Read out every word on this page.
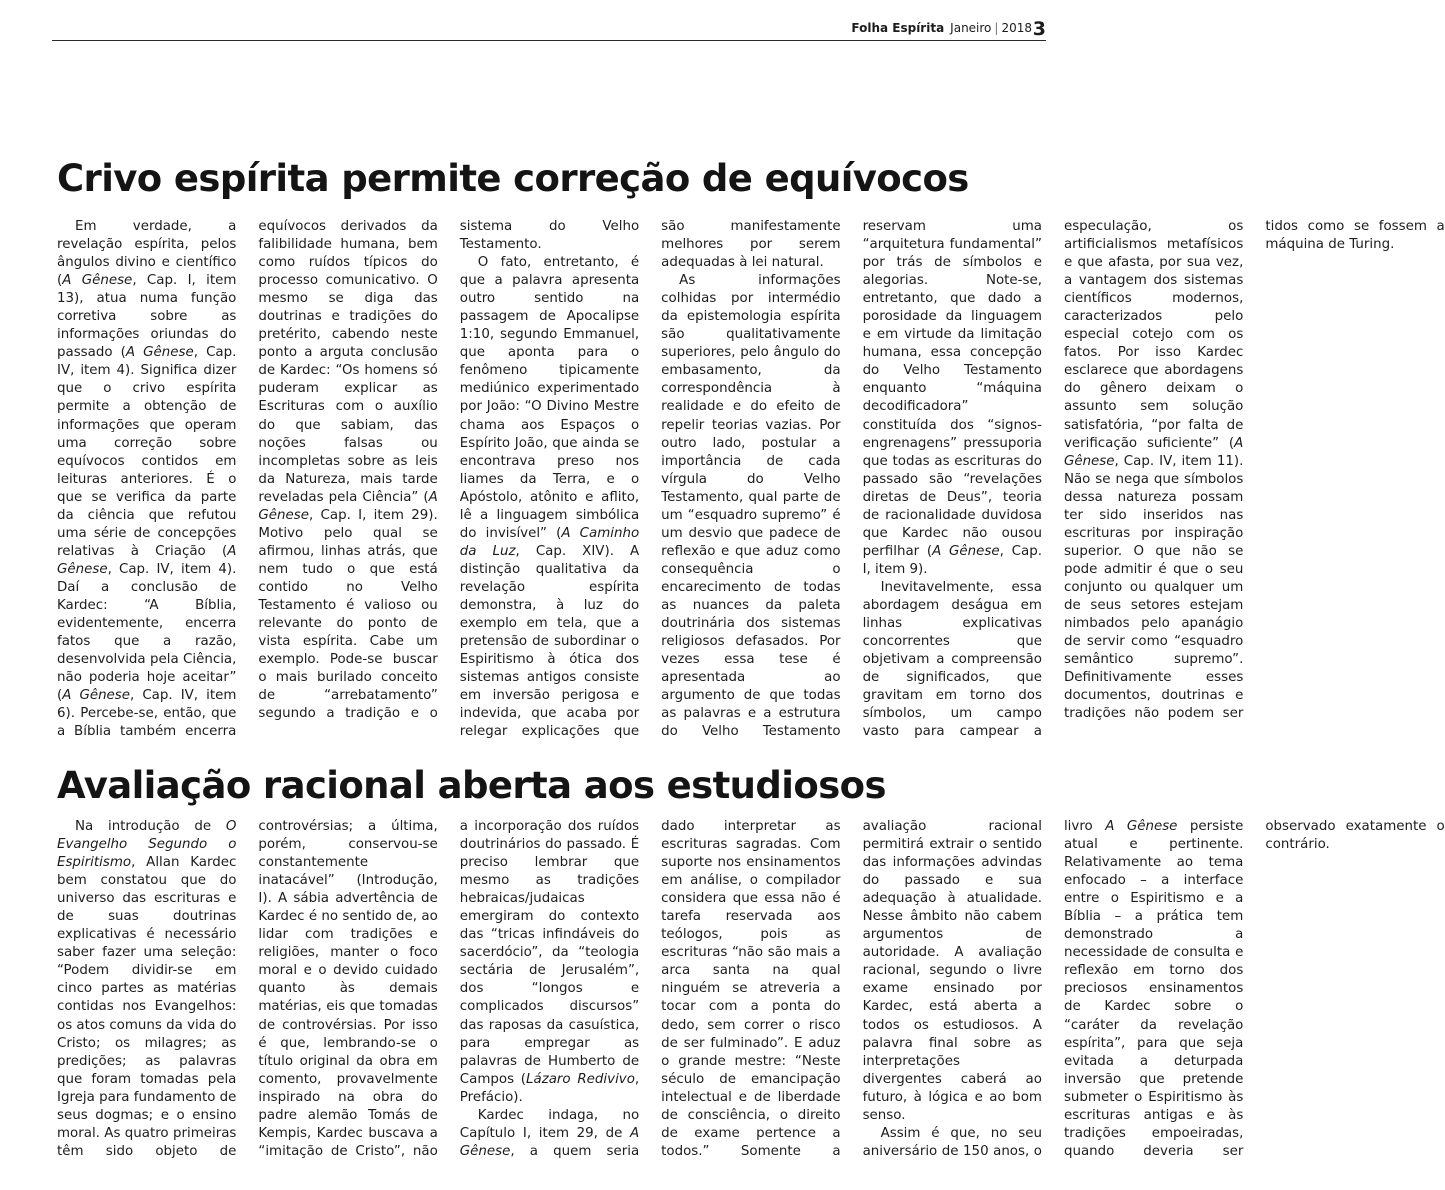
Folha Espírita Janeiro | 2018 3
Crivo espírita permite correção de equívocos

Em verdade, a revelação espírita, pelos ângulos divino e científico (A Gênese, Cap. I, item 13), atua numa função corretiva sobre as informações oriundas do passado (A Gênese, Cap. IV, item 4). Significa dizer que o crivo espírita permite a obtenção de informações que operam uma correção sobre equívocos contidos em leituras anteriores. É o que se verifica da parte da ciência que refutou uma série de concepções relativas à Criação (A Gênese, Cap. IV, item 4). Daí a conclusão de Kardec: “A Bíblia, evidentemente, encerra fatos que a razão, desenvolvida pela Ciência, não poderia hoje aceitar” (A Gênese, Cap. IV, item 6). Percebe-se, então, que a Bíblia também encerra equívocos derivados da falibilidade humana, bem como ruídos típicos do processo comunicativo. O mesmo se diga das doutrinas e tradições do pretérito, cabendo neste ponto a arguta conclusão de Kardec: “Os homens só puderam explicar as Escrituras com o auxílio do que sabiam, das noções falsas ou incompletas sobre as leis da Natureza, mais tarde reveladas pela Ciência” (A Gênese, Cap. I, item 29). Motivo pelo qual se afirmou, linhas atrás, que nem tudo o que está contido no Velho Testamento é valioso ou relevante do ponto de vista espírita. Cabe um exemplo. Pode-se buscar o mais burilado conceito de “arrebatamento” segundo a tradição e o sistema do Velho Testamento.

O fato, entretanto, é que a palavra apresenta outro sentido na passagem de Apocalipse 1:10, segundo Emmanuel, que aponta para o fenômeno tipicamente mediúnico experimentado por João: “O Divino Mestre chama aos Espaços o Espírito João, que ainda se encontrava preso nos liames da Terra, e o Apóstolo, atônito e aflito, lê a linguagem simbólica do invisível” (A Caminho da Luz, Cap. XIV). A distinção qualitativa da revelação espírita demonstra, à luz do exemplo em tela, que a pretensão de subordinar o Espiritismo à ótica dos sistemas antigos consiste em inversão perigosa e indevida, que acaba por relegar explicações que são manifestamente melhores por serem adequadas à lei natural.

As informações colhidas por intermédio da epistemologia espírita são qualitativamente superiores, pelo ângulo do embasamento, da correspondência à realidade e do efeito de repelir teorias vazias. Por outro lado, postular a importância de cada vírgula do Velho Testamento, qual parte de um “esquadro supremo” é um desvio que padece de reflexão e que aduz como consequência o encarecimento de todas as nuances da paleta doutrinária dos sistemas religiosos defasados. Por vezes essa tese é apresentada ao argumento de que todas as palavras e a estrutura do Velho Testamento reservam uma “arquitetura fundamental” por trás de símbolos e alegorias. Note-se, entretanto, que dado a porosidade da linguagem e em virtude da limitação humana, essa concepção do Velho Testamento enquanto “máquina decodificadora” constituída dos “signos-engrenagens” pressuporia que todas as escrituras do passado são “revelações diretas de Deus”, teoria de racionalidade duvidosa que Kardec não ousou perfilhar (A Gênese, Cap. I, item 9).

Inevitavelmente, essa abordagem deságua em linhas explicativas concorrentes que objetivam a compreensão de significados, que gravitam em torno dos símbolos, um campo vasto para campear a especulação, os artificialismos metafísicos e que afasta, por sua vez, a vantagem dos sistemas científicos modernos, caracterizados pelo especial cotejo com os fatos. Por isso Kardec esclarece que abordagens do gênero deixam o assunto sem solução satisfatória, “por falta de verificação suficiente” (A Gênese, Cap. IV, item 11). Não se nega que símbolos dessa natureza possam ter sido inseridos nas escrituras por inspiração superior. O que não se pode admitir é que o seu conjunto ou qualquer um de seus setores estejam nimbados pelo apanágio de servir como “esquadro semântico supremo”. Definitivamente esses documentos, doutrinas e tradições não podem ser tidos como se fossem a máquina de Turing.

Avaliação racional aberta aos estudiosos

Na introdução de O Evangelho Segundo o Espiritismo, Allan Kardec bem constatou que do universo das escrituras e de suas doutrinas explicativas é necessário saber fazer uma seleção: “Podem dividir-se em cinco partes as matérias contidas nos Evangelhos: os atos comuns da vida do Cristo; os milagres; as predições; as palavras que foram tomadas pela Igreja para fundamento de seus dogmas; e o ensino moral. As quatro primeiras têm sido objeto de controvérsias; a última, porém, conservou-se constantemente inatacável” (Introdução, I). A sábia advertência de Kardec é no sentido de, ao lidar com tradições e religiões, manter o foco moral e o devido cuidado quanto às demais matérias, eis que tomadas de controvérsias. Por isso é que, lembrando-se o título original da obra em comento, provavelmente inspirado na obra do padre alemão Tomás de Kempis, Kardec buscava a “imitação de Cristo”, não a incorporação dos ruídos doutrinários do passado. É preciso lembrar que mesmo as tradições hebraicas/judaicas emergiram do contexto das “tricas infindáveis do sacerdócio”, da “teologia sectária de Jerusalém”, dos “longos e complicados discursos” das raposas da casuística, para empregar as palavras de Humberto de Campos (Lázaro Redivivo, Prefácio).

Kardec indaga, no Capítulo I, item 29, de A Gênese, a quem seria dado interpretar as escrituras sagradas. Com suporte nos ensinamentos em análise, o compilador considera que essa não é tarefa reservada aos teólogos, pois as escrituras “não são mais a arca santa na qual ninguém se atreveria a tocar com a ponta do dedo, sem correr o risco de ser fulminado”. E aduz o grande mestre: “Neste século de emancipação intelectual e de liberdade de consciência, o direito de exame pertence a todos.” Somente a avaliação racional permitirá extrair o sentido das informações advindas do passado e sua adequação à atualidade. Nesse âmbito não cabem argumentos de autoridade. A avaliação racional, segundo o livre exame ensinado por Kardec, está aberta a todos os estudiosos. A palavra final sobre as interpretações divergentes caberá ao futuro, à lógica e ao bom senso.

Assim é que, no seu aniversário de 150 anos, o livro A Gênese persiste atual e pertinente. Relativamente ao tema enfocado – a interface entre o Espiritismo e a Bíblia – a prática tem demonstrado a necessidade de consulta e reflexão em torno dos preciosos ensinamentos de Kardec sobre o “caráter da revelação espírita”, para que seja evitada a deturpada inversão que pretende submeter o Espiritismo às escrituras antigas e às tradições empoeiradas, quando deveria ser observado exatamente o contrário.
